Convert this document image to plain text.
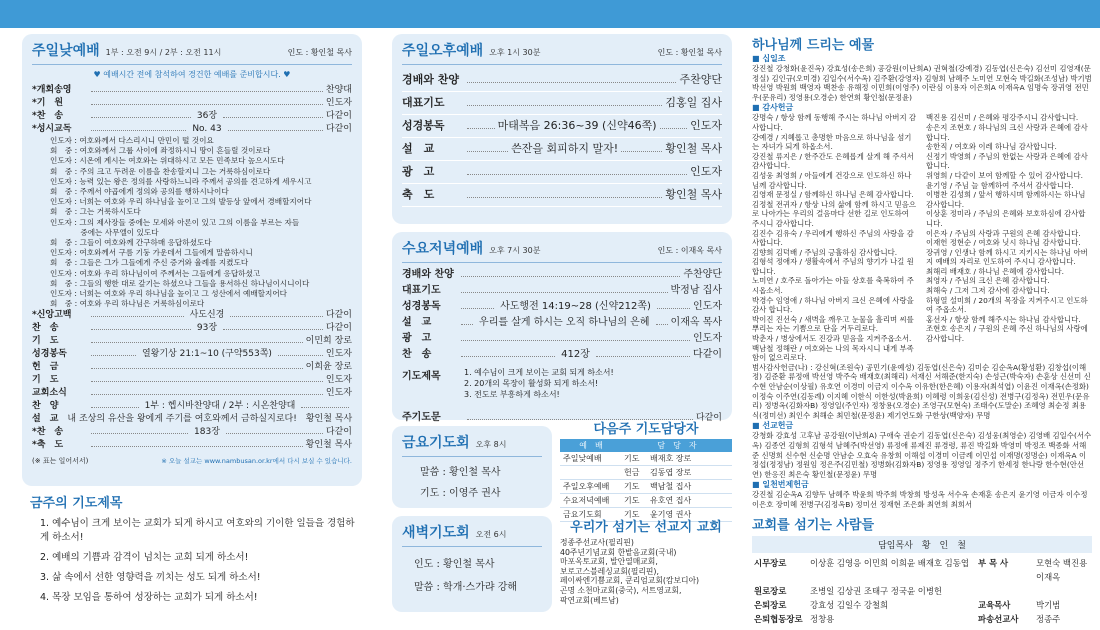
주일낮예배 1부 : 오전 9시 / 2부 : 오전 11시	인도 : 황인철 목사
♥ 예배시간 전에 참석하여 경건한 예배를 준비합시다. ♥
*개회송영	찬양대
*기　원	인도자
*찬　송	36장	다같이
*성시교독	No. 43	다같이
인도자 : 여호와께서 다스리시니 만민이 떨 것이요
회　중 : 여호와께서 그룹 사이에 좌정하시니 땅이 흔들릴 것이로다
인도자 : 시온에 계시는 여호와는 위대하시고 모든 민족보다 높으시도다
회　중 : 주의 크고 두려운 이름을 찬송할지니 그는 거룩하심이로다
인도자 : 능력 있는 왕은 정의를 사랑하느니라 주께서 공의를 견고하게 세우시고
회　중 : 주께서 야곱에게 정의와 공의를 행하시나이다
인도자 : 너희는 여호와 우리 하나님을 높이고 그의 발등상 앞에서 경배할지어다
회　중 : 그는 거룩하시도다
인도자 : 그의 제사장들 중에는 모세와 아론이 있고 그의 이름을 부르는 자들
　　　　중에는 사무엘이 있도다
회　중 : 그들이 여호와께 간구하매 응답하셨도다
인도자 : 여호와께서 구름 기둥 가운데서 그들에게 말씀하시니
회　중 : 그들은 그가 그들에게 주신 증거와 율례를 지켰도다
인도자 : 여호와 우리 하나님이여 주께서는 그들에게 응답하셨고
회　중 : 그들의 행한 대로 갚기는 하셨으나 그들을 용서하신 하나님이시니이다
인도자 : 너희는 여호와 우리 하나님을 높이고 그 성산에서 예배할지어다
회　중 : 여호와 우리 하나님은 거룩하심이로다
*신앙고백	사도신경	다같이
찬　송	93장	다같이
기　도	이민희 장로
성경봉독	열왕기상 21:1~10 (구약553쪽)	인도자
헌　금	이희윤 장로
기　도	인도자
교회소식	인도자
찬　양	1부 : 헵시바찬양대 / 2부 : 시온찬양대
설　교 내 조상의 유산을 왕에게 주기를 여호와께서 금하실지로다! 황인철 목사
*찬　송	183장	다같이
*축　도	황인철 목사
(※ 표는 일어서서)	※ 오늘 설교는 www.nambusan.or.kr에서 다시 보실 수 있습니다.
금주의 기도제목
1. 예수님이 크게 보이는 교회가 되게 하시고 여호와의 기이한 일들을 경험하게 하소서!
2. 예배의 기쁨과 감격이 넘치는 교회 되게 하소서!
3. 삶 속에서 선한 영향력을 끼치는 성도 되게 하소서!
4. 목장 모임을 통하여 성장하는 교회가 되게 하소서!
주일오후예배 오후 1시 30분	인도 : 황인철 목사
경배와 찬양	주찬양단
대표기도	김홍일 집사
성경봉독	마태복음 26:36~39 (신약46쪽)	인도자
설　교	쓴잔을 회피하지 말자!	황인철 목사
광　고	인도자
축　도	황인철 목사
수요저녁예배 오후 7시 30분	인도 : 이재옥 목사
경배와 찬양	주찬양단
대표기도	박정남 집사
성경봉독	사도행전 14:19~28 (신약212쪽)	인도자
설　교	우리를 살게 하시는 오직 하나님의 은혜 이재옥 목사
광　고	인도자
찬　송	412장	다같이
기도제목	1. 예수님이 크게 보이는 교회 되게 하소서!
2. 20개의 목장이 활성화 되게 하소서!
3. 전도로 부흥하게 하소서!
주기도문	다같이
금요기도회 오후 8시
말씀 : 황인철 목사
기도 : 이영주 권사
다음주 기도담당자
예　배	담　당　자	
주일낮예배	기도	배재호 장로
	헌금	김동엽 장로
주일오후예배	기도	백남철 집사
수요저녁예배	기도	유호연 집사
금요기도회	기도	윤기영 권사
새벽기도회 오전 6시
인도 : 황인철 목사
말씀 : 학개·스가랴 강해
우리가 섬기는 선교지 교회
정종주선교사(필리핀)
40주년기념교회 한밭음교회(국내)
마포옥토교회, 발안열매교회,
보로고스블레싱교회(필리핀),
페이싸엔기쁨교회, 쿤리엄교회(캄보디아)
곤명 소천마교회(중국), 서트영교회,
팍연교회(베트남)
하나님께 드리는 예물
■ 십일조
강진철 강청화(윤진옥) 강효성(송은희) 공강원(이난희A) 권혁철(강예경) 김동엽(신은숙) 김선미 김영재(문정실) 김인규(오미경) 김일수(서수옥) 김주환(강영자) 김형희 남혜주 노미연 모현숙 박길화(조성남) 박기범 박선영 박원희 백영자 백찬송 유해정 이민희(이영주) 이란심 이용자 이은희A 이재옥A 임명숙 장귀영 전민우(문유리) 정영용(오경순) 한연희 황인철(문정윤)
■ 감사헌금
강명숙 / 항상 함께 동행해 주시는 하나님 아버지 감사합니다.
강예경 / 지혜롭고 총명한 마음으로 하나님을 섬기는 자녀가 되게 하옵소서.
강진철 류지은 / 한주간도 은혜롭게 살게 해 주셔서 감사합니다.
김성웅 최영희 / 아들에게 건강으로 인도하신 하나님께 감사합니다.
김영재 문정실 / 함께하신 하나님 은혜 감사합니다.
김정철 전귀자 / 항상 나의 삶에 함께 하시고 믿음으로 나아가는 우리의 걸음마다 선한 길로 인도하여 주시니 감사합니다.
김진수 김유숙 / 우리에게 행하신 주님의 사랑을 감사합니다.
김향희 김덕배 / 주님의 긍휼하심 감사합니다.
김형석 정애자 / 생활속에서 주님의 향기가 나길 원합니다.
노미연 / 호주로 돌아가는 아들 상호를 축복하여 주시옵소서.
박경수 임영애 / 하나님 아버지 크신 은혜에 사랑을 감사 합니다.
박이진 진선숙 / 새벽을 깨우고 눈물을 흘리며 씨를 뿌리는 자는 기쁨으로 단을 거두리로다.
박춘자 / 병상에서도 진강과 믿음을 지켜주옵소서.
백남철 정해란 / 여호와는 나의 목자시니 내게 부족함이 없으리로다.
백진용 김신미 / 은혜와 평강주시니 감사합니다.
송은지 조현호 / 하나님의 크신 사랑과 은혜에 감사합니다.
송한직 / 여호와 이레 하나님 감사합니다.
신정기 박영희 / 주님의 한없는 사랑과 은혜에 감사합니다.
위영희 / 다같이 보여 함께할 수 있어 감사합니다.
윤기영 / 주님 늘 함께하여 주셔서 감사합니다.
이병찬 김성희 / 앞서 행하시며 함께하시는 하나님 감사합니다.
이상훈 정미라 / 주님의 은혜와 보호하심에 감사합니다.
이은자 / 주님의 사랑과 구원의 은혜 감사합니다.
이재헌 정현순 / 여호와 닛시 하나님 감사합니다.
장귀영 / 인생나 함께 하시고 지키시는 하나님 아버지 예배의 자리로 인도하여 주시니 감사합니다.
최해리 배재호 / 하나님 은혜에 감사합니다.
최영자 / 주님의 크신 은혜 감사합니다.
최해숙 / 그저 그저 감사에 감사합니다.
하형열 설미희 / 20개의 목장을 지켜주시고 인도하여 주옵소서.
홍선자 / 항상 함께 해주시는 하나님 감사합니다.
조현호 송은지 / 구원의 은혜 주신 하나님의 사랑에 감사합니다.
범사감사헌금(나) : 강신혁(조원숙) 공민기(윤예성) 김동엽(신은숙) 김미순 김순옥A(황성환) 김창섭(이해정) 김준환 류정애 박선영 박주숙 배재호(최해리) 서재신 서해준(한지숙) 손성근(박숙자) 손훈상 신선미 신수현 안남순(이상필) 유호연 이경미 이금지 이수옥 이유한(한은혜) 이용자(최석엽) 이윤진 이재옥(손정화) 이정숙 이주연(김동례) 이지혜 이한식 이한성(박윤희) 이혜령 이희웅(김신성) 전병구(김정옥) 전민우(문유리) 정병옥(김화자B) 정영일(주인자) 정창용(오경순) 조영구(모현숙) 조태수(도말순) 조혜영 최순정 최용식(정미선) 최인수 최해순 최민철(문정윤) 제기연도화 구한상(백양자) 무명
■ 선교헌금
강청화 강효성 고후남 공강원(이난희A) 구애숙 권순기 김동엽(신은숙) 김성웅(최영순) 김영배 김일수(서수옥) 김종연 김형희 김형석 남혜주(박선영) 류정애 류제진 류경령, 류진 박길화 박영미 박정조 백종화 서해준 신명희 신수현 신순명 안남순 오효숙 유창희 이해섭 이경미 이금례 이민섭 이재명(정명순) 이재옥A 이정섭(정정남) 정원임 정은주(김민철) 정병화(김화자B) 정영용 정영일 정주기 한세정 한나랑 한수현(안선연) 한응진 최은숙 황인철(문정윤) 무명
■ 일천번제헌금
강진철 김순옥A 김향두 남혜주 박윤희 박주희 박창희 방성옥 서수옥 손재훈 송은지 윤기영 이금자 이수정 이은호 장미혜 전병구(김정옥B) 정미선 정재현 조은화 최연희 최희서
교회를 섬기는 사람들
담임목사　황　인　철
시무장로	이상훈 김영응 이민희 이희윤 배재호 김동엽	부 목 사	모현숙 백진용
			이재옥
원로장로	조병일 김상권 조태구 정국윤 이병헌		
은퇴장로	강효성 김일수 강철희	교육목사	박기범
은퇴협동장로	정창용	파송선교사	정종주
